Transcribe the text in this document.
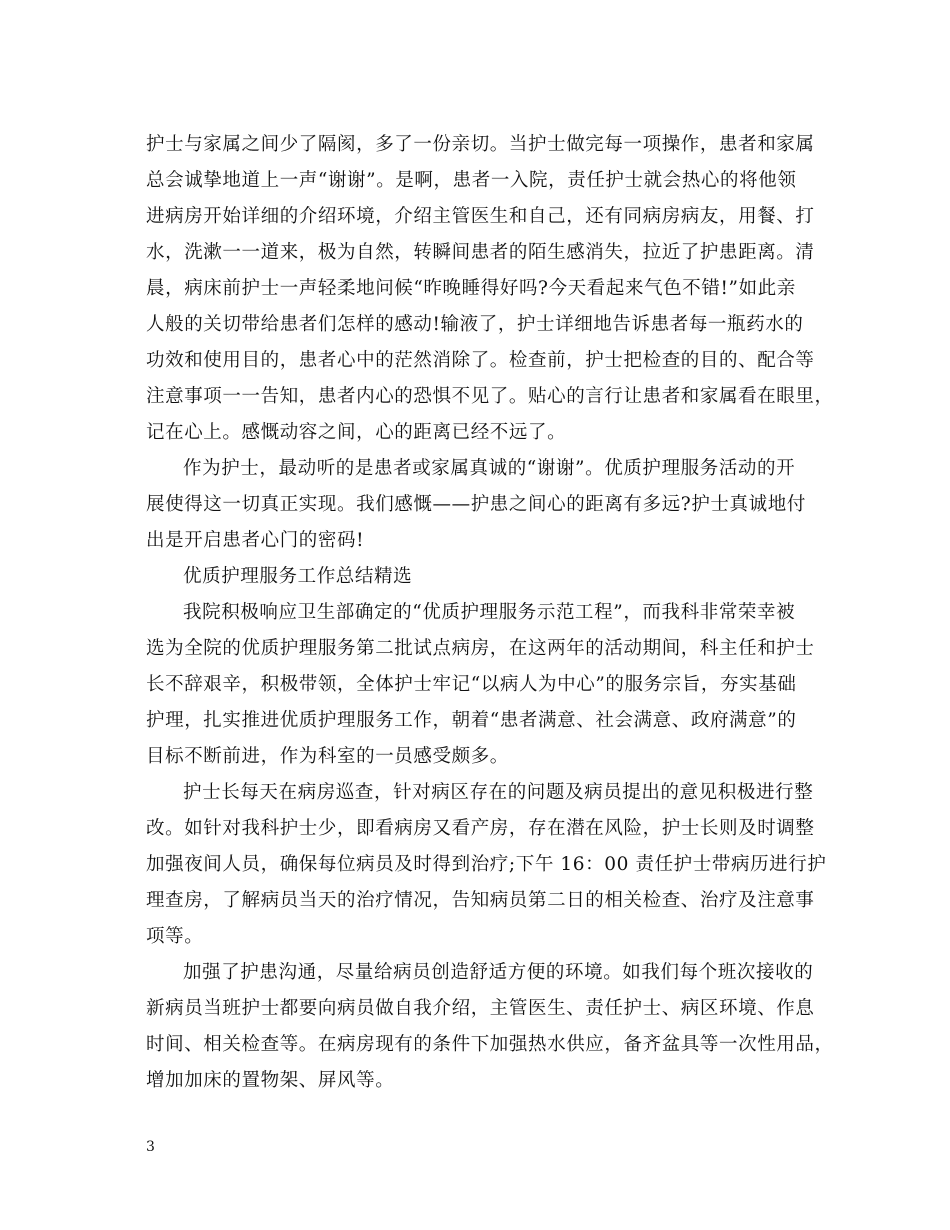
护士与家属之间少了隔阂，多了一份亲切。当护士做完每一项操作，患者和家属
总会诚挚地道上一声“谢谢”。是啊，患者一入院，责任护士就会热心的将他领
进病房开始详细的介绍环境，介绍主管医生和自己，还有同病房病友，用餐、打
水，洗漱一一道来，极为自然，转瞬间患者的陌生感消失，拉近了护患距离。清
晨，病床前护士一声轻柔地问候“昨晚睡得好吗?今天看起来气色不错!”如此亲
人般的关切带给患者们怎样的感动!输液了，护士详细地告诉患者每一瓶药水的
功效和使用目的，患者心中的茫然消除了。检查前，护士把检查的目的、配合等
注意事项一一告知，患者内心的恐惧不见了。贴心的言行让患者和家属看在眼里，
记在心上。感慨动容之间，心的距离已经不远了。
作为护士，最动听的是患者或家属真诚的“谢谢”。优质护理服务活动的开
展使得这一切真正实现。我们感慨——护患之间心的距离有多远?护士真诚地付
出是开启患者心门的密码!
优质护理服务工作总结精选
我院积极响应卫生部确定的“优质护理服务示范工程”，而我科非常荣幸被
选为全院的优质护理服务第二批试点病房，在这两年的活动期间，科主任和护士
长不辞艰辛，积极带领，全体护士牢记“以病人为中心”的服务宗旨，夯实基础
护理，扎实推进优质护理服务工作，朝着“患者满意、社会满意、政府满意”的
目标不断前进，作为科室的一员感受颇多。
护士长每天在病房巡查，针对病区存在的问题及病员提出的意见积极进行整
改。如针对我科护士少，即看病房又看产房，存在潜在风险，护士长则及时调整
加强夜间人员，确保每位病员及时得到治疗;下午 16：00 责任护士带病历进行护
理查房，了解病员当天的治疗情况，告知病员第二日的相关检查、治疗及注意事
项等。
加强了护患沟通，尽量给病员创造舒适方便的环境。如我们每个班次接收的
新病员当班护士都要向病员做自我介绍，主管医生、责任护士、病区环境、作息
时间、相关检查等。在病房现有的条件下加强热水供应，备齐盆具等一次性用品，
增加加床的置物架、屏风等。
3
